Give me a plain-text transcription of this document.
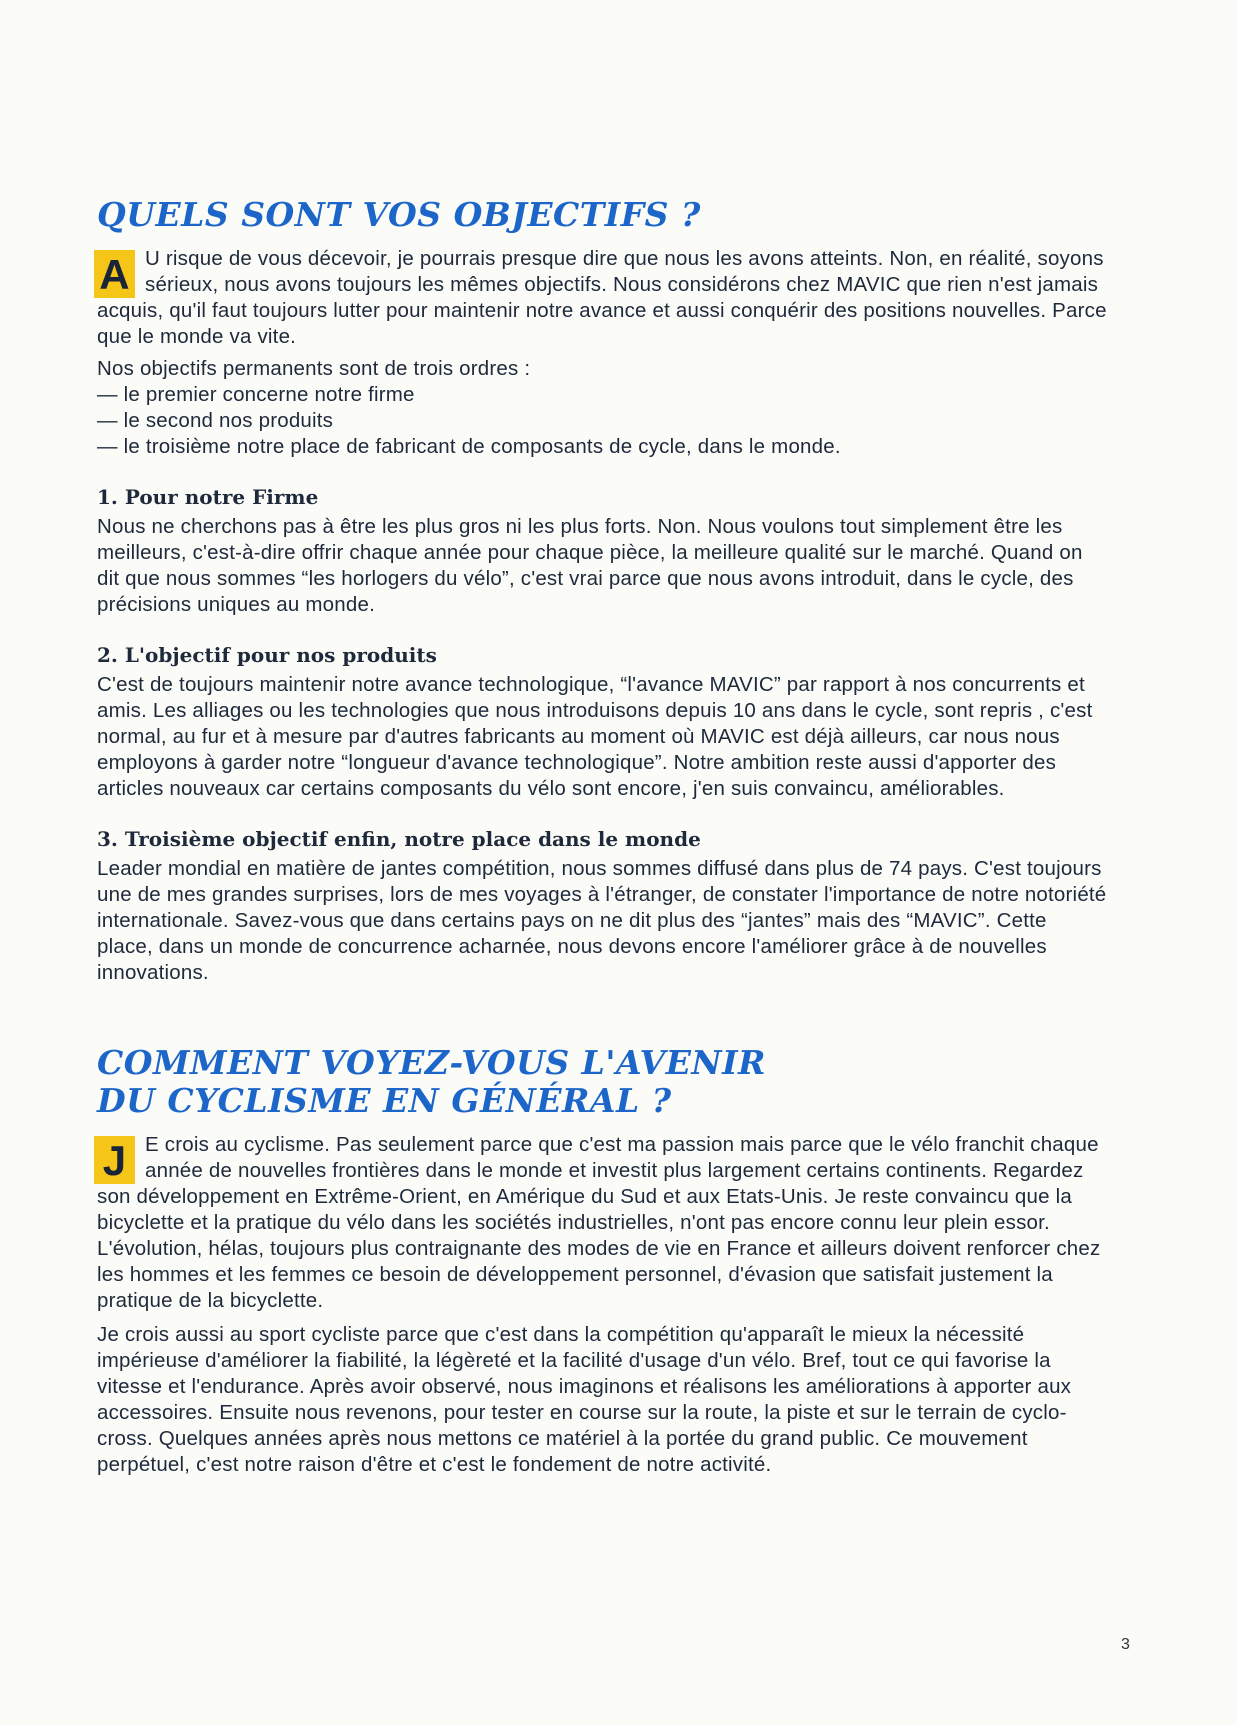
QUELS SONT VOS OBJECTIFS ?

A U risque de vous décevoir, je pourrais presque dire que nous les avons atteints. Non, en réalité, soyons sérieux, nous avons toujours les mêmes objectifs. Nous considérons chez MAVIC que rien n'est jamais acquis, qu'il faut toujours lutter pour maintenir notre avance et aussi conquérir des positions nouvelles. Parce que le monde va vite.

Nos objectifs permanents sont de trois ordres :

— le premier concerne notre firme

— le second nos produits

— le troisième notre place de fabricant de composants de cycle, dans le monde.

1. Pour notre Firme

Nous ne cherchons pas à être les plus gros ni les plus forts. Non. Nous voulons tout simplement être les meilleurs, c'est-à-dire offrir chaque année pour chaque pièce, la meilleure qualité sur le marché. Quand on dit que nous sommes “les horlogers du vélo”, c'est vrai parce que nous avons introduit, dans le cycle, des précisions uniques au monde.

2. L'objectif pour nos produits

C'est de toujours maintenir notre avance technologique, “l'avance MAVIC” par rapport à nos concurrents et amis. Les alliages ou les technologies que nous introduisons depuis 10 ans dans le cycle, sont repris , c'est normal, au fur et à mesure par d'autres fabricants au moment où MAVIC est déjà ailleurs, car nous nous employons à garder notre “longueur d'avance technologique”. Notre ambition reste aussi d'apporter des articles nouveaux car certains composants du vélo sont encore, j'en suis convaincu, améliorables.

3. Troisième objectif enfin, notre place dans le monde

Leader mondial en matière de jantes compétition, nous sommes diffusé dans plus de 74 pays. C'est toujours une de mes grandes surprises, lors de mes voyages à l'étranger, de constater l'importance de notre notoriété internationale. Savez-vous que dans certains pays on ne dit plus des “jantes” mais des “MAVIC”. Cette place, dans un monde de concurrence acharnée, nous devons encore l'améliorer grâce à de nouvelles innovations.

COMMENT VOYEZ-VOUS L'AVENIR
DU CYCLISME EN GÉNÉRAL ?

J E crois au cyclisme. Pas seulement parce que c'est ma passion mais parce que le vélo franchit chaque année de nouvelles frontières dans le monde et investit plus largement certains continents. Regardez son développement en Extrême-Orient, en Amérique du Sud et aux Etats-Unis. Je reste convaincu que la bicyclette et la pratique du vélo dans les sociétés industrielles, n'ont pas encore connu leur plein essor. L'évolution, hélas, toujours plus contraignante des modes de vie en France et ailleurs doivent renforcer chez les hommes et les femmes ce besoin de développement personnel, d'évasion que satisfait justement la pratique de la bicyclette.

Je crois aussi au sport cycliste parce que c'est dans la compétition qu'apparaît le mieux la nécessité impérieuse d'améliorer la fiabilité, la légèreté et la facilité d'usage d'un vélo. Bref, tout ce qui favorise la vitesse et l'endurance. Après avoir observé, nous imaginons et réalisons les améliorations à apporter aux accessoires. Ensuite nous revenons, pour tester en course sur la route, la piste et sur le terrain de cyclo-cross. Quelques années après nous mettons ce matériel à la portée du grand public. Ce mouvement perpétuel, c'est notre raison d'être et c'est le fondement de notre activité.

3
